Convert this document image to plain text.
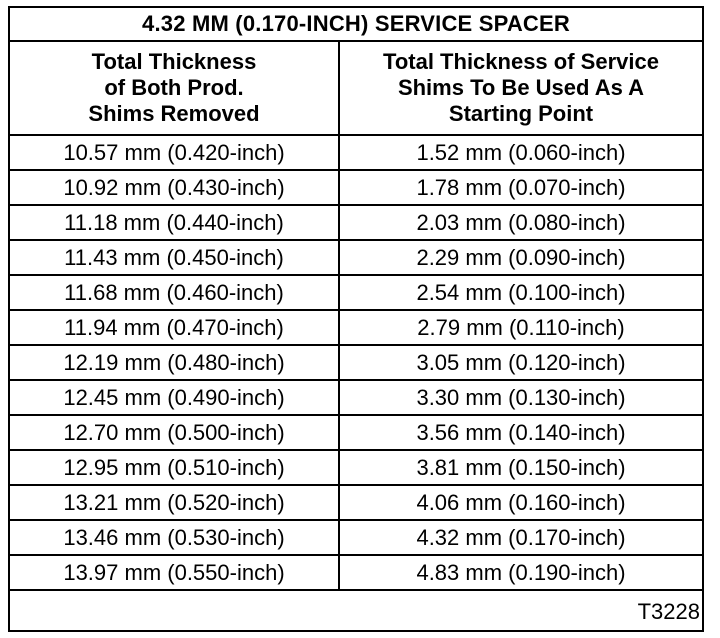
4.32 MM (0.170-INCH) SERVICE SPACER	

Total Thickness
of Both Prod.
Shims Removed	Total Thickness of Service
Shims To Be Used As A
Starting Point

10.57 mm (0.420-inch)	1.52 mm (0.060-inch)
10.92 mm (0.430-inch)	1.78 mm (0.070-inch)
11.18 mm (0.440-inch)	2.03 mm (0.080-inch)
11.43 mm (0.450-inch)	2.29 mm (0.090-inch)
11.68 mm (0.460-inch)	2.54 mm (0.100-inch)
11.94 mm (0.470-inch)	2.79 mm (0.110-inch)
12.19 mm (0.480-inch)	3.05 mm (0.120-inch)
12.45 mm (0.490-inch)	3.30 mm (0.130-inch)
12.70 mm (0.500-inch)	3.56 mm (0.140-inch)
12.95 mm (0.510-inch)	3.81 mm (0.150-inch)
13.21 mm (0.520-inch)	4.06 mm (0.160-inch)
13.46 mm (0.530-inch)	4.32 mm (0.170-inch)
13.97 mm (0.550-inch)	4.83 mm (0.190-inch)
T3228	
